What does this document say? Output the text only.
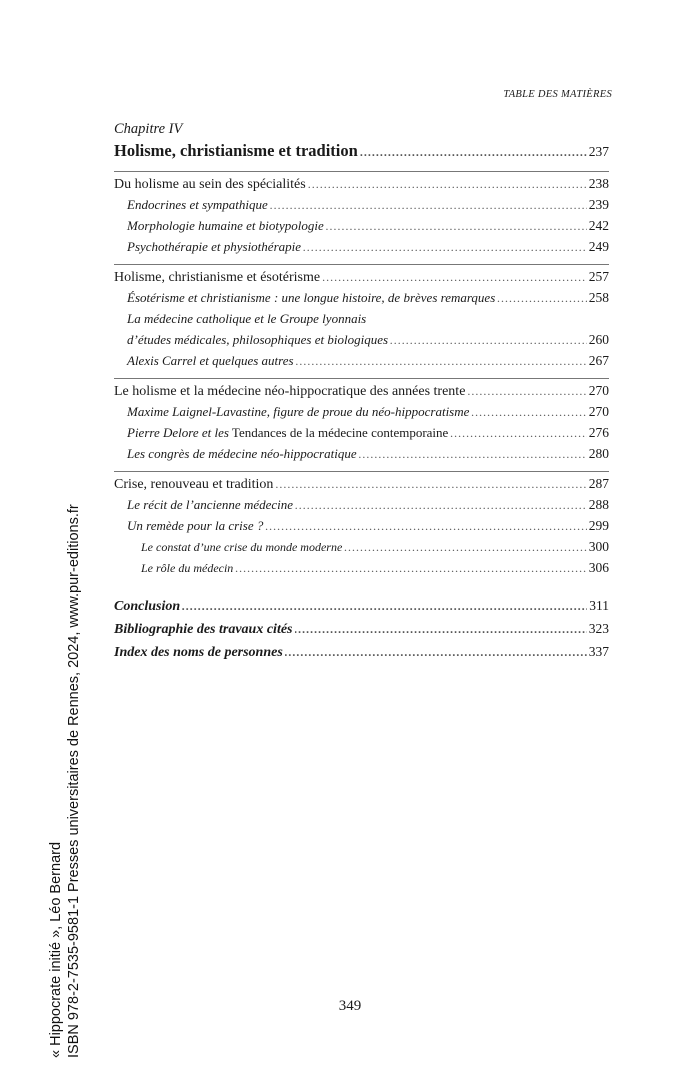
TABLE DES MATIÈRES
Chapitre IV
Holisme, christianisme et tradition . . .	237
Du holisme au sein des spécialités . . .	238
Endocrines et sympathique . . .	239
Morphologie humaine et biotypologie . . .	242
Psychothérapie et physiothérapie . . .	249
Holisme, christianisme et ésotérisme . . .	257
Ésotérisme et christianisme : une longue histoire, de brèves remarques . . .	258
La médecine catholique et le Groupe lyonnais
d’études médicales, philosophiques et biologiques . . .	260
Alexis Carrel et quelques autres . . .	267
Le holisme et la médecine néo-hippocratique des années trente . . .	270
Maxime Laignel-Lavastine, figure de proue du néo-hippocratisme . . .	270
Pierre Delore et les Tendances de la médecine contemporaine . . .	276
Les congrès de médecine néo-hippocratique . . .	280
Crise, renouveau et tradition . . .	287
Le récit de l’ancienne médecine . . .	288
Un remède pour la crise ? . . .	299
Le constat d’une crise du monde moderne . . .	300
Le rôle du médecin . . .	306
Conclusion . . .	311
Bibliographie des travaux cités . . .	323
Index des noms de personnes . . .	337
349
« Hippocrate initié », Léo Bernard ISBN 978-2-7535-9581-1 Presses universitaires de Rennes, 2024, www.pur-editions.fr
